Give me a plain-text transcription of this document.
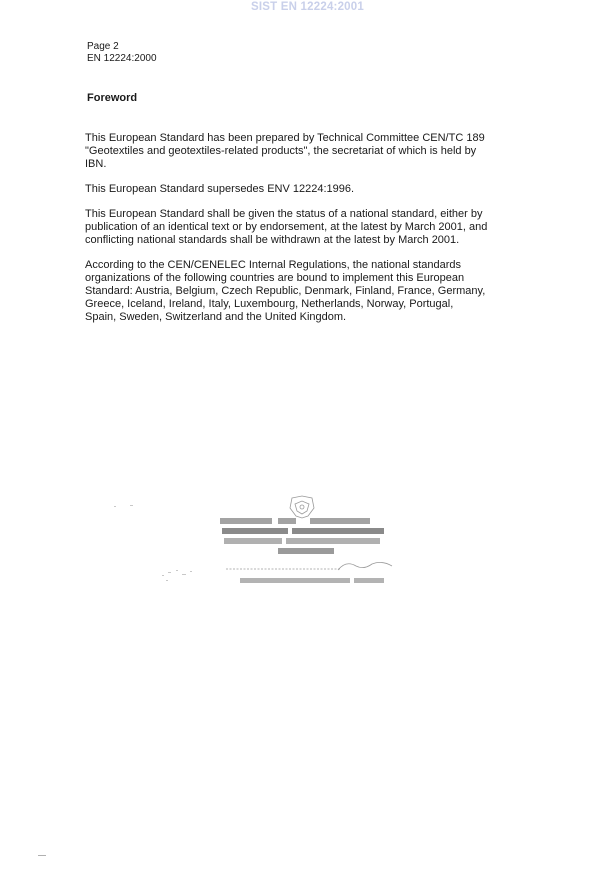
SIST EN 12224:2001
Page 2
EN 12224:2000
Foreword

This European Standard has been prepared by Technical Committee CEN/TC 189
"Geotextiles and geotextiles-related products", the secretariat of which is held by
IBN.

This European Standard supersedes ENV 12224:1996.

This European Standard shall be given the status of a national standard, either by
publication of an identical text or by endorsement, at the latest by March 2001, and
conflicting national standards shall be withdrawn at the latest by March 2001.

According to the CEN/CENELEC Internal Regulations, the national standards
organizations of the following countries are bound to implement this European
Standard: Austria, Belgium, Czech Republic, Denmark, Finland, France, Germany,
Greece, Iceland, Ireland, Italy, Luxembourg, Netherlands, Norway, Portugal,
Spain, Sweden, Switzerland and the United Kingdom.
